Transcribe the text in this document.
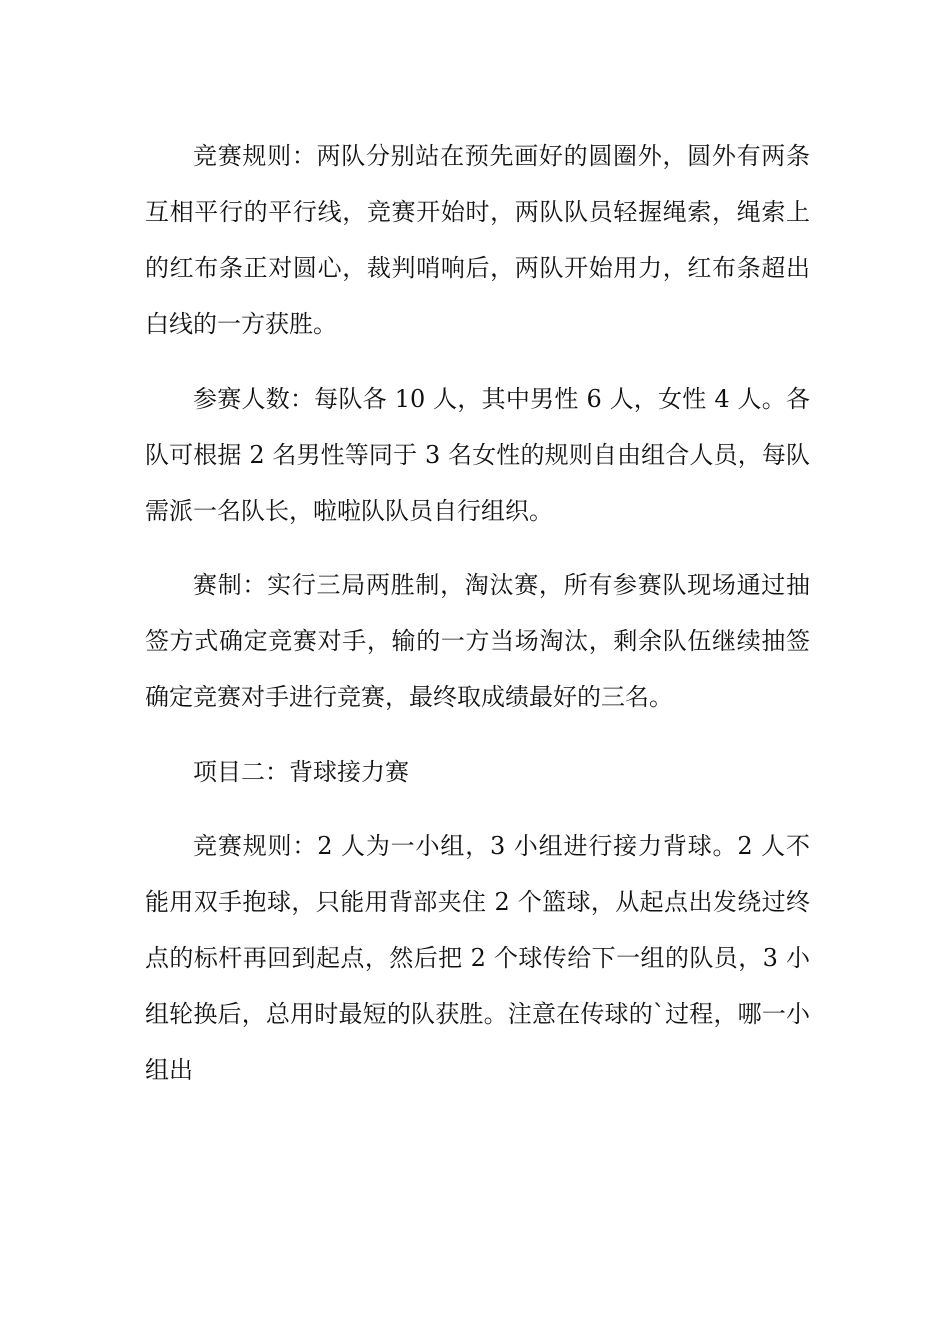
竞赛规则：两队分别站在预先画好的圆圈外，圆外有两条互相平行的平行线，竞赛开始时，两队队员轻握绳索，绳索上的红布条正对圆心，裁判哨响后，两队开始用力，红布条超出白线的一方获胜。

参赛人数：每队各 10 人，其中男性 6 人，女性 4 人。各队可根据 2 名男性等同于 3 名女性的规则自由组合人员，每队需派一名队长，啦啦队队员自行组织。

赛制：实行三局两胜制，淘汰赛，所有参赛队现场通过抽签方式确定竞赛对手，输的一方当场淘汰，剩余队伍继续抽签确定竞赛对手进行竞赛，最终取成绩最好的三名。

项目二：背球接力赛

竞赛规则：2 人为一小组，3 小组进行接力背球。2 人不能用双手抱球，只能用背部夹住 2 个篮球，从起点出发绕过终点的标杆再回到起点，然后把 2 个球传给下一组的队员，3 小组轮换后，总用时最短的队获胜。注意在传球的`过程，哪一小组出
